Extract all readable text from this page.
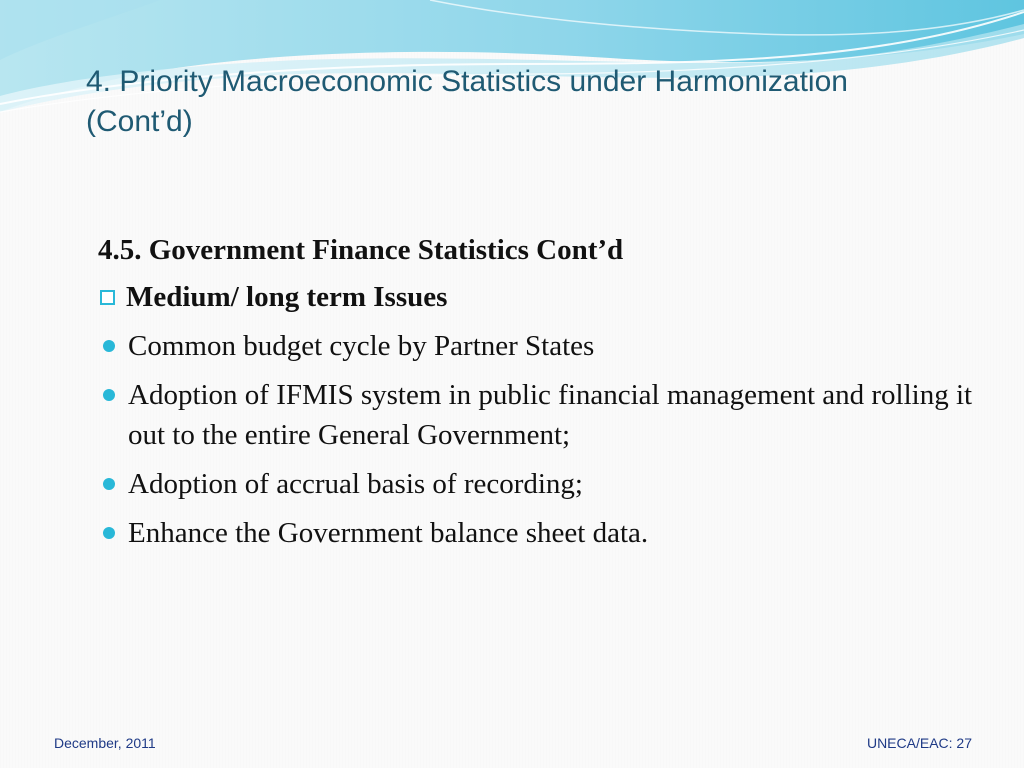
4. Priority Macroeconomic Statistics under Harmonization
(Cont’d)

4.5. Government Finance Statistics Cont’d

Medium/ long term Issues
Common budget cycle by Partner States
Adoption of IFMIS system in public financial management and rolling it out to the entire General Government;
Adoption of accrual basis of recording;
Enhance the Government balance sheet data.
December, 2011	UNECA/EAC: 27
